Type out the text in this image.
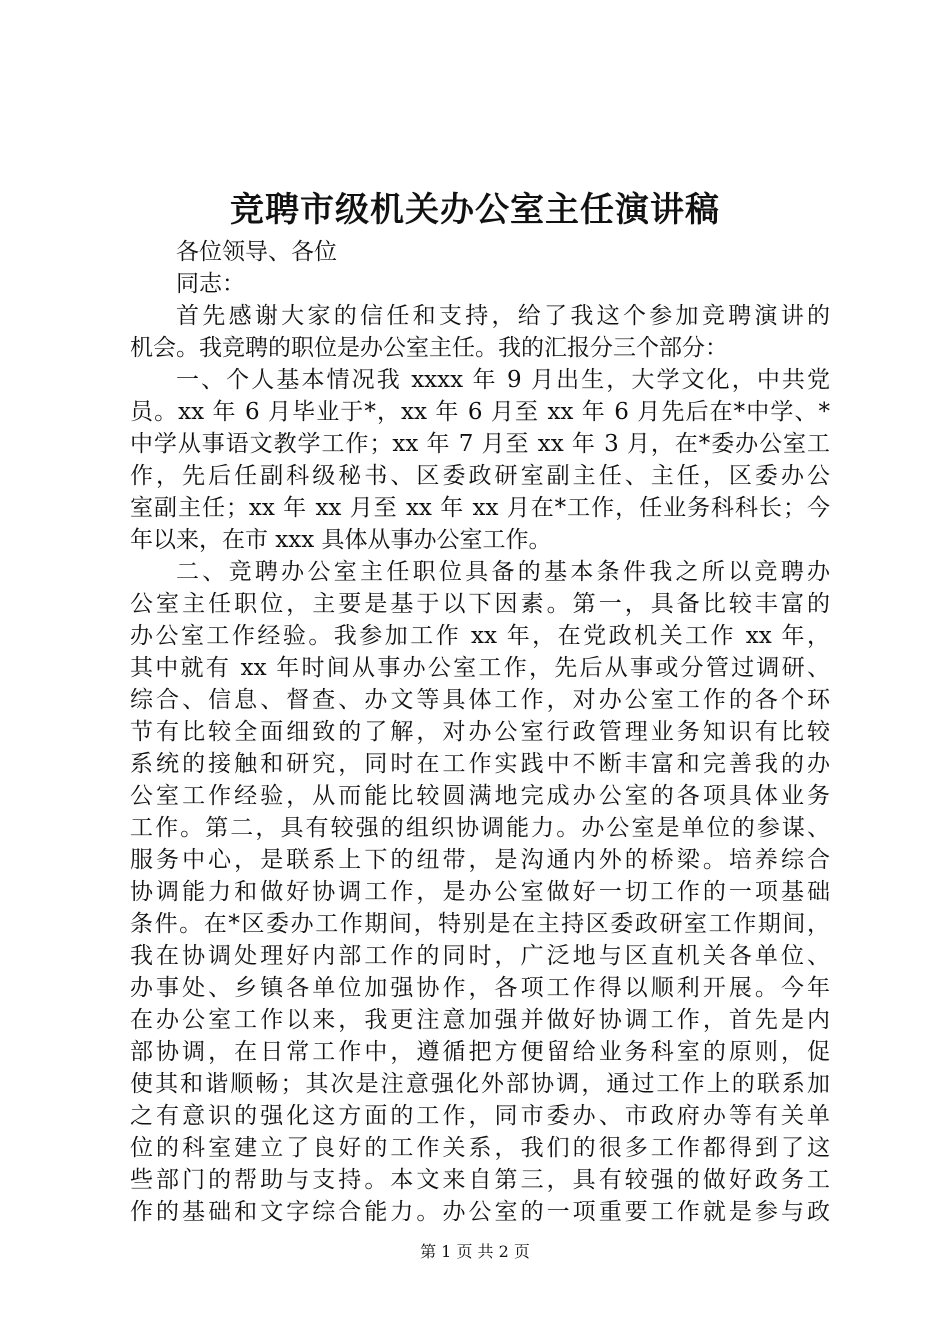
竞聘市级机关办公室主任演讲稿
各位领导、各位
同志：
首先感谢大家的信任和支持，给了我这个参加竞聘演讲的
机会。我竞聘的职位是办公室主任。我的汇报分三个部分：
一、个人基本情况我 xxxx 年 9 月出生，大学文化，中共党
员。xx 年 6 月毕业于*，xx 年 6 月至 xx 年 6 月先后在*中学、*
中学从事语文教学工作；xx 年 7 月至 xx 年 3 月，在*委办公室工
作，先后任副科级秘书、区委政研室副主任、主任，区委办公
室副主任；xx 年 xx 月至 xx 年 xx 月在*工作，任业务科科长；今
年以来，在市 xxx 具体从事办公室工作。
二、竞聘办公室主任职位具备的基本条件我之所以竞聘办
公室主任职位，主要是基于以下因素。第一，具备比较丰富的
办公室工作经验。我参加工作 xx 年，在党政机关工作 xx 年，
其中就有 xx 年时间从事办公室工作，先后从事或分管过调研、
综合、信息、督查、办文等具体工作，对办公室工作的各个环
节有比较全面细致的了解，对办公室行政管理业务知识有比较
系统的接触和研究，同时在工作实践中不断丰富和完善我的办
公室工作经验，从而能比较圆满地完成办公室的各项具体业务
工作。第二，具有较强的组织协调能力。办公室是单位的参谋、
服务中心，是联系上下的纽带，是沟通内外的桥梁。培养综合
协调能力和做好协调工作，是办公室做好一切工作的一项基础
条件。在*区委办工作期间，特别是在主持区委政研室工作期间，
我在协调处理好内部工作的同时，广泛地与区直机关各单位、
办事处、乡镇各单位加强协作，各项工作得以顺利开展。今年
在办公室工作以来，我更注意加强并做好协调工作，首先是内
部协调，在日常工作中，遵循把方便留给业务科室的原则，促
使其和谐顺畅；其次是注意强化外部协调，通过工作上的联系加
之有意识的强化这方面的工作，同市委办、市政府办等有关单
位的科室建立了良好的工作关系，我们的很多工作都得到了这
些部门的帮助与支持。本文来自第三，具有较强的做好政务工
作的基础和文字综合能力。办公室的一项重要工作就是参与政
第 1 页 共 2 页
